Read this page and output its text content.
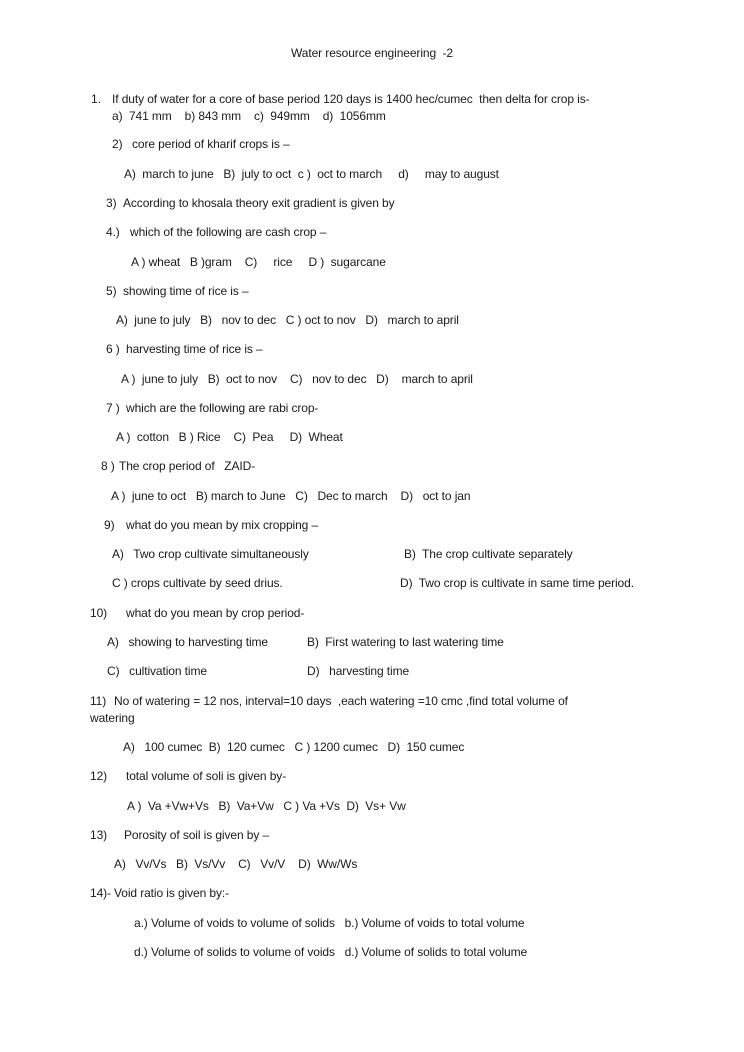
Water resource engineering  -2
1. If duty of water for a core of base period 120 days is 1400 hec/cumec  then delta for crop is-
a)  741 mm    b) 843 mm    c)  949mm    d)  1056mm
2) core period of kharif crops is –
A)  march to june   B)  july to oct  c )  oct to march     d)     may to august
3) According to khosala theory exit gradient is given by
4.) which of the following are cash crop –
A ) wheat   B )gram    C)     rice     D )  sugarcane
5) showing time of rice is –
A)  june to july   B)   nov to dec   C ) oct to nov   D)   march to april
6 ) harvesting time of rice is –
A )  june to july   B)  oct to nov    C)   nov to dec   D)    march to april
7 ) which are the following are rabi crop-
A )  cotton   B ) Rice    C)  Pea     D)  Wheat
8 ) The crop period of   ZAID-
A )  june to oct   B) march to June   C)   Dec to march    D)   oct to jan
9) what do you mean by mix cropping –
A)   Two crop cultivate simultaneously	B)  The crop cultivate separately
C ) crops cultivate by seed drius.	D)  Two crop is cultivate in same time period.
10) what do you mean by crop period-
A)   showing to harvesting time	B)  First watering to last watering time
C)   cultivation time	D)   harvesting time
11) No of watering = 12 nos, interval=10 days  ,each watering =10 cmc ,find total volume of
watering
A)   100 cumec  B)  120 cumec   C ) 1200 cumec   D)  150 cumec
12) total volume of soli is given by-
A )  Va +Vw+Vs   B)  Va+Vw   C ) Va +Vs  D)  Vs+ Vw
13) Porosity of soil is given by –
A)   Vv/Vs   B)  Vs/Vv    C)   Vv/V    D)  Ww/Ws
14)- Void ratio is given by:-
a.) Volume of voids to volume of solids   b.) Volume of voids to total volume
d.) Volume of solids to volume of voids   d.) Volume of solids to total volume
